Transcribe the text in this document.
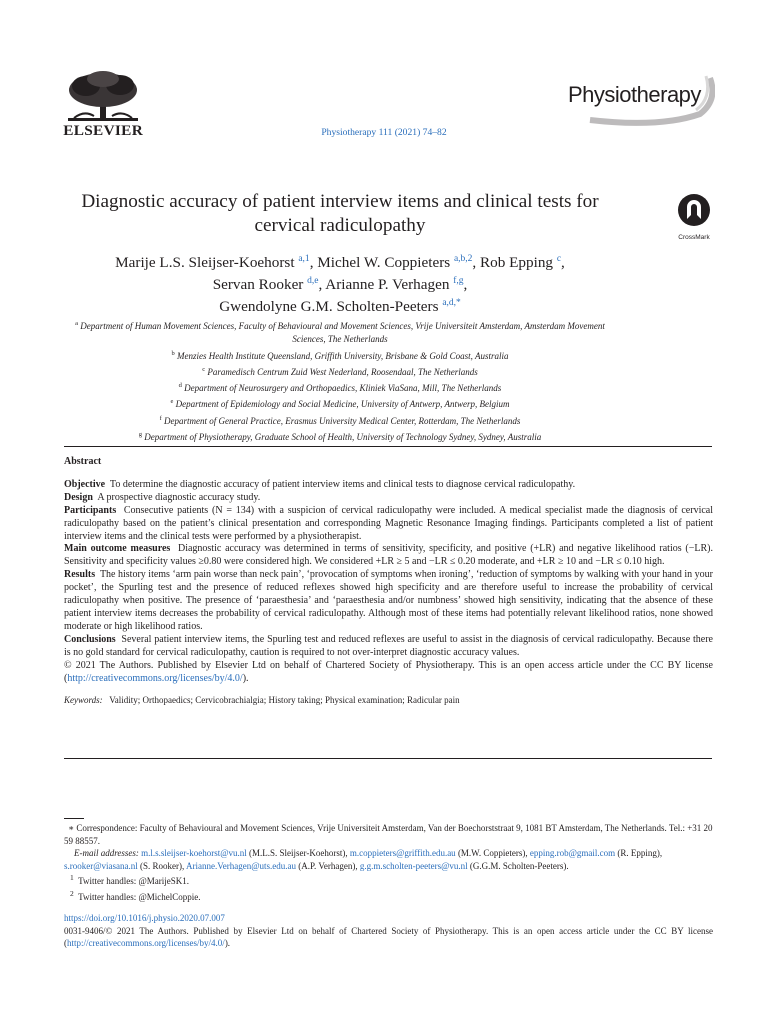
ELSEVIER	Physiotherapy 111 (2021) 74–82
Physiotherapy
Diagnostic accuracy of patient interview items and clinical tests for cervical radiculopathy
CrossMark
Marije L.S. Sleijser-Koehorst $^{a,1}$, Michel W. Coppieters $^{a,b,2}$, Rob Epping $^c$,
Servan Rooker $^{d,e}$, Arianne P. Verhagen $^{f,g}$,
Gwendolyne G.M. Scholten-Peeters $^{a,d,*}$
$^a$ Department of Human Movement Sciences, Faculty of Behavioural and Movement Sciences, Vrije Universiteit Amsterdam, Amsterdam Movement Sciences, The Netherlands
$^b$ Menzies Health Institute Queensland, Griffith University, Brisbane & Gold Coast, Australia
$^c$ Paramedisch Centrum Zuid West Nederland, Roosendaal, The Netherlands
$^d$ Department of Neurosurgery and Orthopaedics, Kliniek ViaSana, Mill, The Netherlands
$^e$ Department of Epidemiology and Social Medicine, University of Antwerp, Antwerp, Belgium
$^f$ Department of General Practice, Erasmus University Medical Center, Rotterdam, The Netherlands
$^g$ Department of Physiotherapy, Graduate School of Health, University of Technology Sydney, Sydney, Australia
Abstract

Objective To determine the diagnostic accuracy of patient interview items and clinical tests to diagnose cervical radiculopathy.

Design A prospective diagnostic accuracy study.

Participants Consecutive patients (N = 134) with a suspicion of cervical radiculopathy were included. A medical specialist made the diagnosis of cervical radiculopathy based on the patient’s clinical presentation and corresponding Magnetic Resonance Imaging findings. Participants completed a list of patient interview items and the clinical tests were performed by a physiotherapist.

Main outcome measures Diagnostic accuracy was determined in terms of sensitivity, specificity, and positive (+LR) and negative likelihood ratios (−LR). Sensitivity and specificity values ≥0.80 were considered high. We considered +LR ≥ 5 and −LR ≤ 0.20 moderate, and +LR ≥ 10 and −LR ≤ 0.10 high.

Results The history items ‘arm pain worse than neck pain’, ‘provocation of symptoms when ironing’, ‘reduction of symptoms by walking with your hand in your pocket’, the Spurling test and the presence of reduced reflexes showed high specificity and are therefore useful to increase the probability of cervical radiculopathy when positive. The presence of ‘paraesthesia’ and ‘paraesthesia and/or numbness’ showed high sensitivity, indicating that the absence of these patient interview items decreases the probability of cervical radiculopathy. Although most of these items had potentially relevant likelihood ratios, none showed moderate or high likelihood ratios.

Conclusions Several patient interview items, the Spurling test and reduced reflexes are useful to assist in the diagnosis of cervical radiculopathy. Because there is no gold standard for cervical radiculopathy, caution is required to not over-interpret diagnostic accuracy values.

© 2021 The Authors. Published by Elsevier Ltd on behalf of Chartered Society of Physiotherapy. This is an open access article under the CC BY license (http://creativecommons.org/licenses/by/4.0/).

Keywords: Validity; Orthopaedics; Cervicobrachialgia; History taking; Physical examination; Radicular pain

∗ Correspondence: Faculty of Behavioural and Movement Sciences, Vrije Universiteit Amsterdam, Van der Boechorststraat 9, 1081 BT Amsterdam, The Netherlands. Tel.: +31 20 59 88557.

E-mail addresses: m.l.s.sleijser-koehorst@vu.nl (M.L.S. Sleijser-Koehorst), m.coppieters@griffith.edu.au (M.W. Coppieters), epping.rob@gmail.com (R. Epping), s.rooker@viasana.nl (S. Rooker), Arianne.Verhagen@uts.edu.au (A.P. Verhagen), g.g.m.scholten-peeters@vu.nl (G.G.M. Scholten-Peeters).

$^1$ Twitter handles: @MarijeSK1.

$^2$ Twitter handles: @MichelCoppie.

https://doi.org/10.1016/j.physio.2020.07.007

0031-9406/© 2021 The Authors. Published by Elsevier Ltd on behalf of Chartered Society of Physiotherapy. This is an open access article under the CC BY license (http://creativecommons.org/licenses/by/4.0/).
